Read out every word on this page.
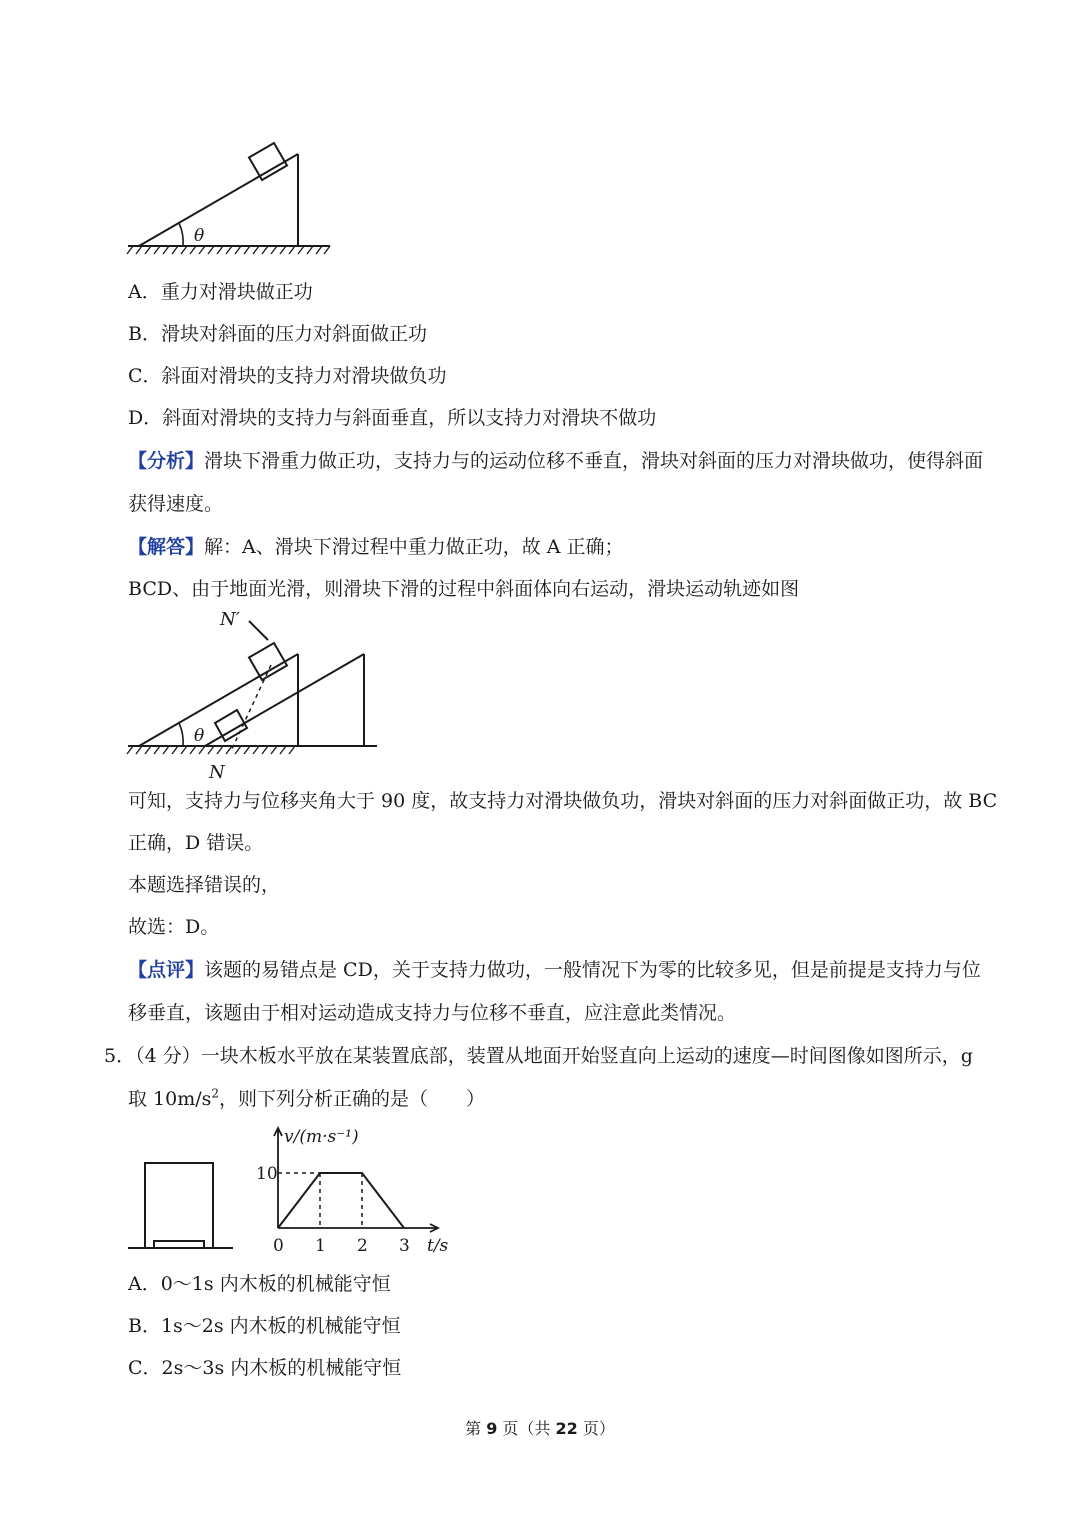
θ
A．重力对滑块做正功
B．滑块对斜面的压力对斜面做正功
C．斜面对滑块的支持力对滑块做负功
D．斜面对滑块的支持力与斜面垂直，所以支持力对滑块不做功
【分析】滑块下滑重力做正功，支持力与的运动位移不垂直，滑块对斜面的压力对滑块做功，使得斜面
获得速度。
【解答】解：A、滑块下滑过程中重力做正功，故 A 正确；
BCD、由于地面光滑，则滑块下滑的过程中斜面体向右运动，滑块运动轨迹如图
N′
θ
N
可知，支持力与位移夹角大于 90 度，故支持力对滑块做负功，滑块对斜面的压力对斜面做正功，故 BC
正确，D 错误。
本题选择错误的，
故选：D。
【点评】该题的易错点是 CD，关于支持力做功，一般情况下为零的比较多见，但是前提是支持力与位
移垂直，该题由于相对运动造成支持力与位移不垂直，应注意此类情况。
5．（4 分）一块木板水平放在某装置底部，装置从地面开始竖直向上运动的速度—时间图像如图所示，g
取 $10m/s^2$，则下列分析正确的是（　　）
0 1 2 3
10
v/(m·s⁻¹)
t/s
A．0～1s 内木板的机械能守恒
B．1s～2s 内木板的机械能守恒
C．2s～3s 内木板的机械能守恒
第 9 页（共 22 页）
